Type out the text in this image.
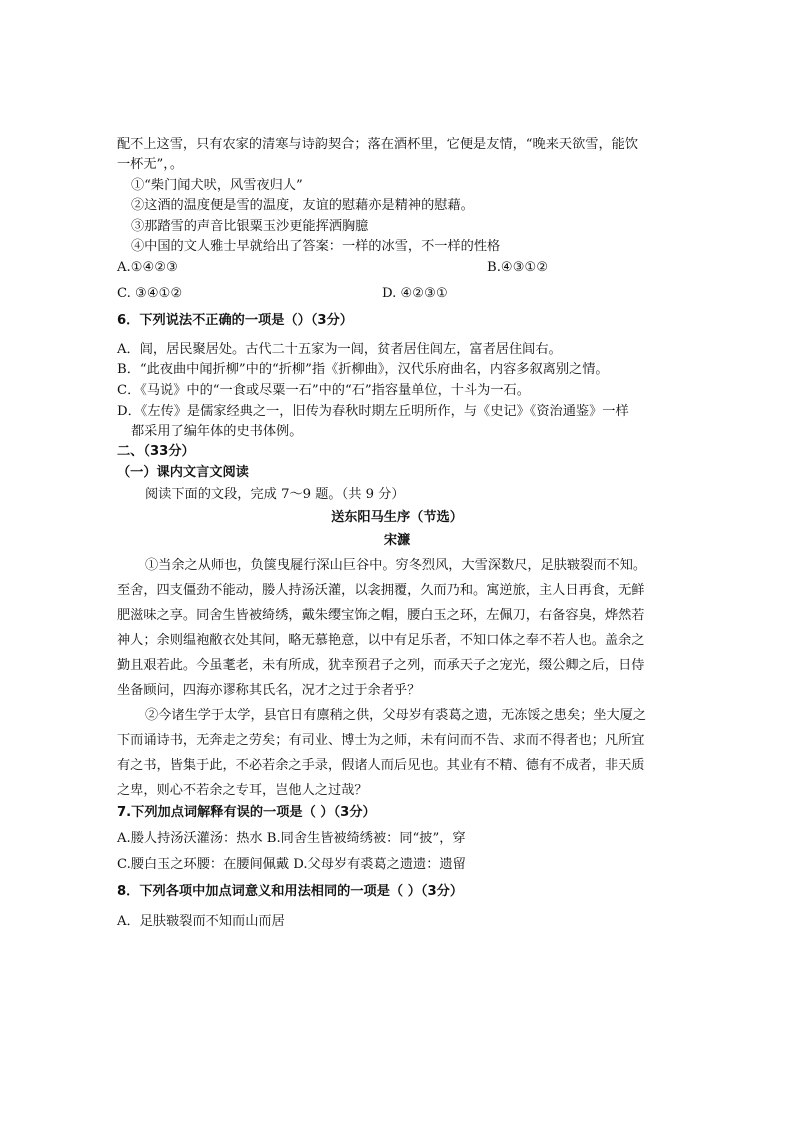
配不上这雪，只有农家的清寒与诗韵契合；落在酒杯里，它便是友情，“晚来天欲雪，能饮
一杯无”，。
①“柴门闻犬吠，风雪夜归人”
②这酒的温度便是雪的温度，友谊的慰藉亦是精神的慰藉。
③那踏雪的声音比银粟玉沙更能挥洒胸臆
④中国的文人雅士早就给出了答案：一样的冰雪，不一样的性格
A.①④②③	B.④③①②
C. ③④①②	D. ④②③①
6．下列说法不正确的一项是（）（3分）
A．闾，居民聚居处。古代二十五家为一闾，贫者居住闾左，富者居住闾右。
B．“此夜曲中闻折柳”中的“折柳”指《折柳曲》，汉代乐府曲名，内容多叙离别之情。
C．《马说》中的“一食或尽粟一石”中的“石”指容量单位，十斗为一石。
D．《左传》是儒家经典之一，旧传为春秋时期左丘明所作，与《史记》《资治通鉴》一样
都采用了编年体的史书体例。
二、（33分）
（一）课内文言文阅读
阅读下面的文段，完成 7～9 题。（共 9 分）
送东阳马生序（节选）
宋濂
①当余之从师也，负箧曳屣行深山巨谷中。穷冬烈风，大雪深数尺，足肤皲裂而不知。
至舍，四支僵劲不能动，媵人持汤沃灌，以衾拥覆，久而乃和。寓逆旅，主人日再食，无鲜
肥滋味之享。同舍生皆被绮绣，戴朱缨宝饰之帽，腰白玉之环，左佩刀，右备容臭，烨然若
神人；余则缊袍敝衣处其间，略无慕艳意，以中有足乐者，不知口体之奉不若人也。盖余之
勤且艰若此。今虽耄老，未有所成，犹幸预君子之列，而承天子之宠光，缀公卿之后，日侍
坐备顾问，四海亦谬称其氏名，况才之过于余者乎？
②今诸生学于太学，县官日有廪稍之供，父母岁有裘葛之遗，无冻馁之患矣；坐大厦之
下而诵诗书，无奔走之劳矣；有司业、博士为之师，未有问而不告、求而不得者也；凡所宜
有之书，皆集于此，不必若余之手录，假诸人而后见也。其业有不精、德有不成者，非天质
之卑，则心不若余之专耳，岂他人之过哉？
7.下列加点词解释有误的一项是（ ）（3分）
A.媵人持汤沃灌汤：热水 B.同舍生皆被绮绣被：同“披”，穿
C.腰白玉之环腰：在腰间佩戴 D.父母岁有裘葛之遗遗：遗留
8．下列各项中加点词意义和用法相同的一项是（ ）（3分）
A．足肤皲裂而不知而山而居
